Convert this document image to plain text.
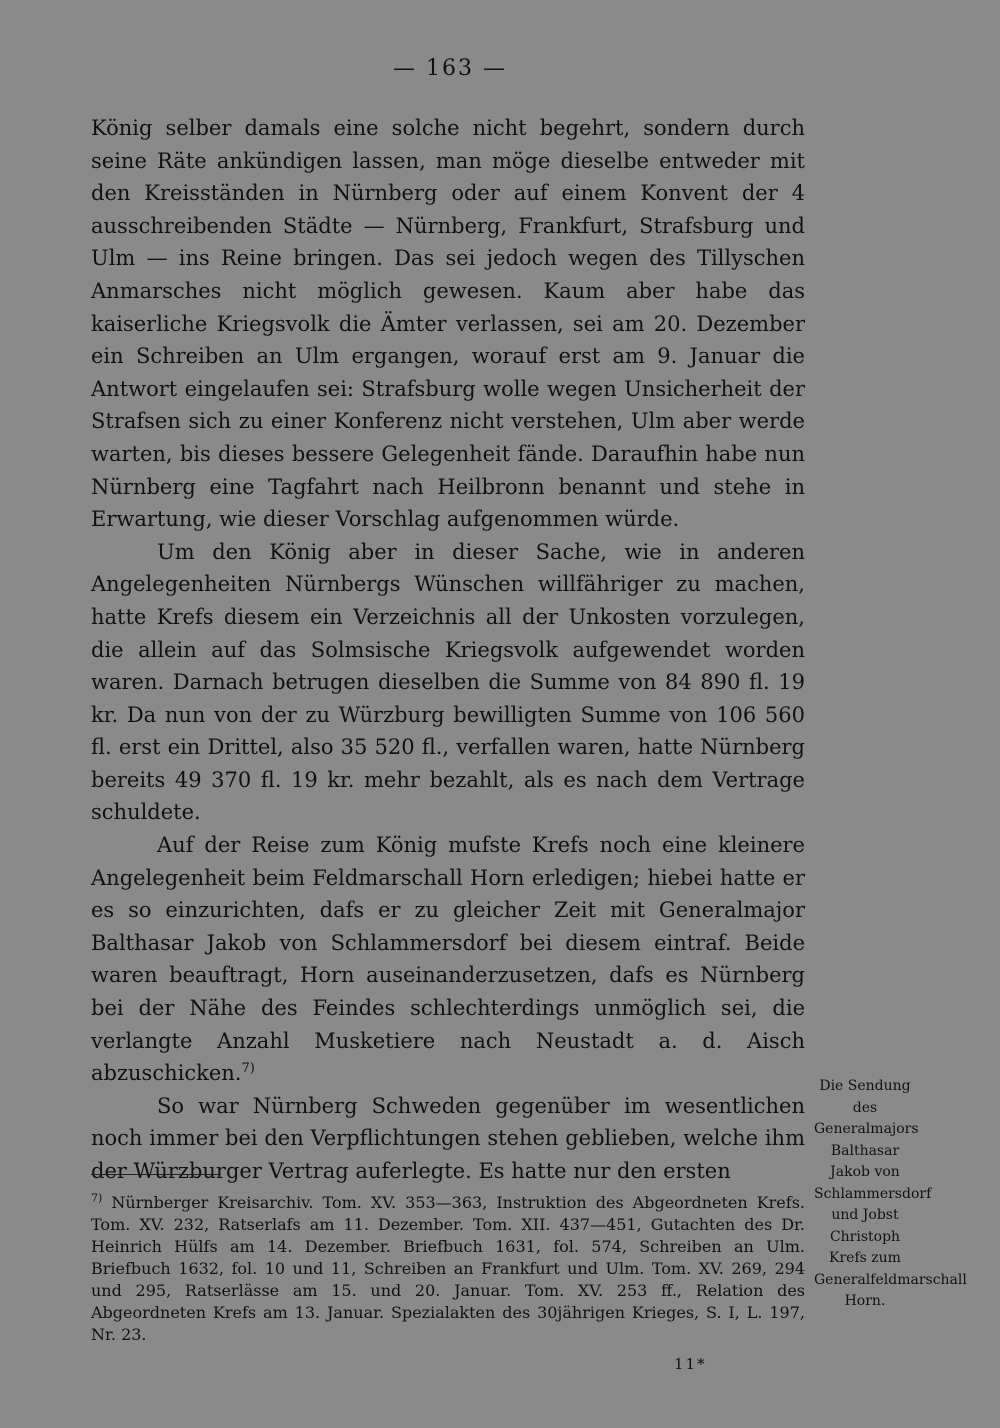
— 163 —

König selber damals eine solche nicht begehrt, sondern durch seine Räte ankündigen lassen, man möge dieselbe entweder mit den Kreisständen in Nürnberg oder auf einem Konvent der 4 ausschreibenden Städte — Nürnberg, Frankfurt, Strafsburg und Ulm — ins Reine bringen. Das sei jedoch wegen des Tillyschen Anmarsches nicht möglich gewesen. Kaum aber habe das kaiserliche Kriegsvolk die Ämter verlassen, sei am 20. Dezember ein Schreiben an Ulm ergangen, worauf erst am 9. Januar die Antwort eingelaufen sei: Strafsburg wolle wegen Unsicherheit der Strafsen sich zu einer Konferenz nicht verstehen, Ulm aber werde warten, bis dieses bessere Gelegenheit fände. Daraufhin habe nun Nürnberg eine Tagfahrt nach Heilbronn benannt und stehe in Erwartung, wie dieser Vorschlag aufgenommen würde.

Um den König aber in dieser Sache, wie in anderen Angelegenheiten Nürnbergs Wünschen willfähriger zu machen, hatte Krefs diesem ein Verzeichnis all der Unkosten vorzulegen, die allein auf das Solmsische Kriegsvolk aufgewendet worden waren. Darnach betrugen dieselben die Summe von 84 890 fl. 19 kr. Da nun von der zu Würzburg bewilligten Summe von 106 560 fl. erst ein Drittel, also 35 520 fl., verfallen waren, hatte Nürnberg bereits 49 370 fl. 19 kr. mehr bezahlt, als es nach dem Vertrage schuldete.

Auf der Reise zum König mufste Krefs noch eine kleinere Angelegenheit beim Feldmarschall Horn erledigen; hiebei hatte er es so einzurichten, dafs er zu gleicher Zeit mit Generalmajor Balthasar Jakob von Schlammersdorf bei diesem eintraf. Beide waren beauftragt, Horn auseinanderzusetzen, dafs es Nürnberg bei der Nähe des Feindes schlechterdings unmöglich sei, die verlangte Anzahl Musketiere nach Neustadt a. d. Aisch abzuschicken.$^{7)}$

So war Nürnberg Schweden gegenüber im wesentlichen noch immer bei den Verpflichtungen stehen geblieben, welche ihm der Würzburger Vertrag auferlegte. Es hatte nur den ersten

$^{7)}$ Nürnberger Kreisarchiv. Tom. XV. 353—363, Instruktion des Abgeordneten Krefs. Tom. XV. 232, Ratserlafs am 11. Dezember. Tom. XII. 437—451, Gutachten des Dr. Heinrich Hülfs am 14. Dezember. Briefbuch 1631, fol. 574, Schreiben an Ulm. Briefbuch 1632, fol. 10 und 11, Schreiben an Frankfurt und Ulm. Tom. XV. 269, 294 und 295, Ratserlässe am 15. und 20. Januar. Tom. XV. 253 ff., Relation des Abgeordneten Krefs am 13. Januar. Spezialakten des 30jährigen Krieges, S. I, L. 197, Nr. 23.
11*
Die Sendung des Generalmajors Balthasar Jakob von Schlammersdorf und Jobst Christoph Krefs zum Generalfeldmarschall Horn.
